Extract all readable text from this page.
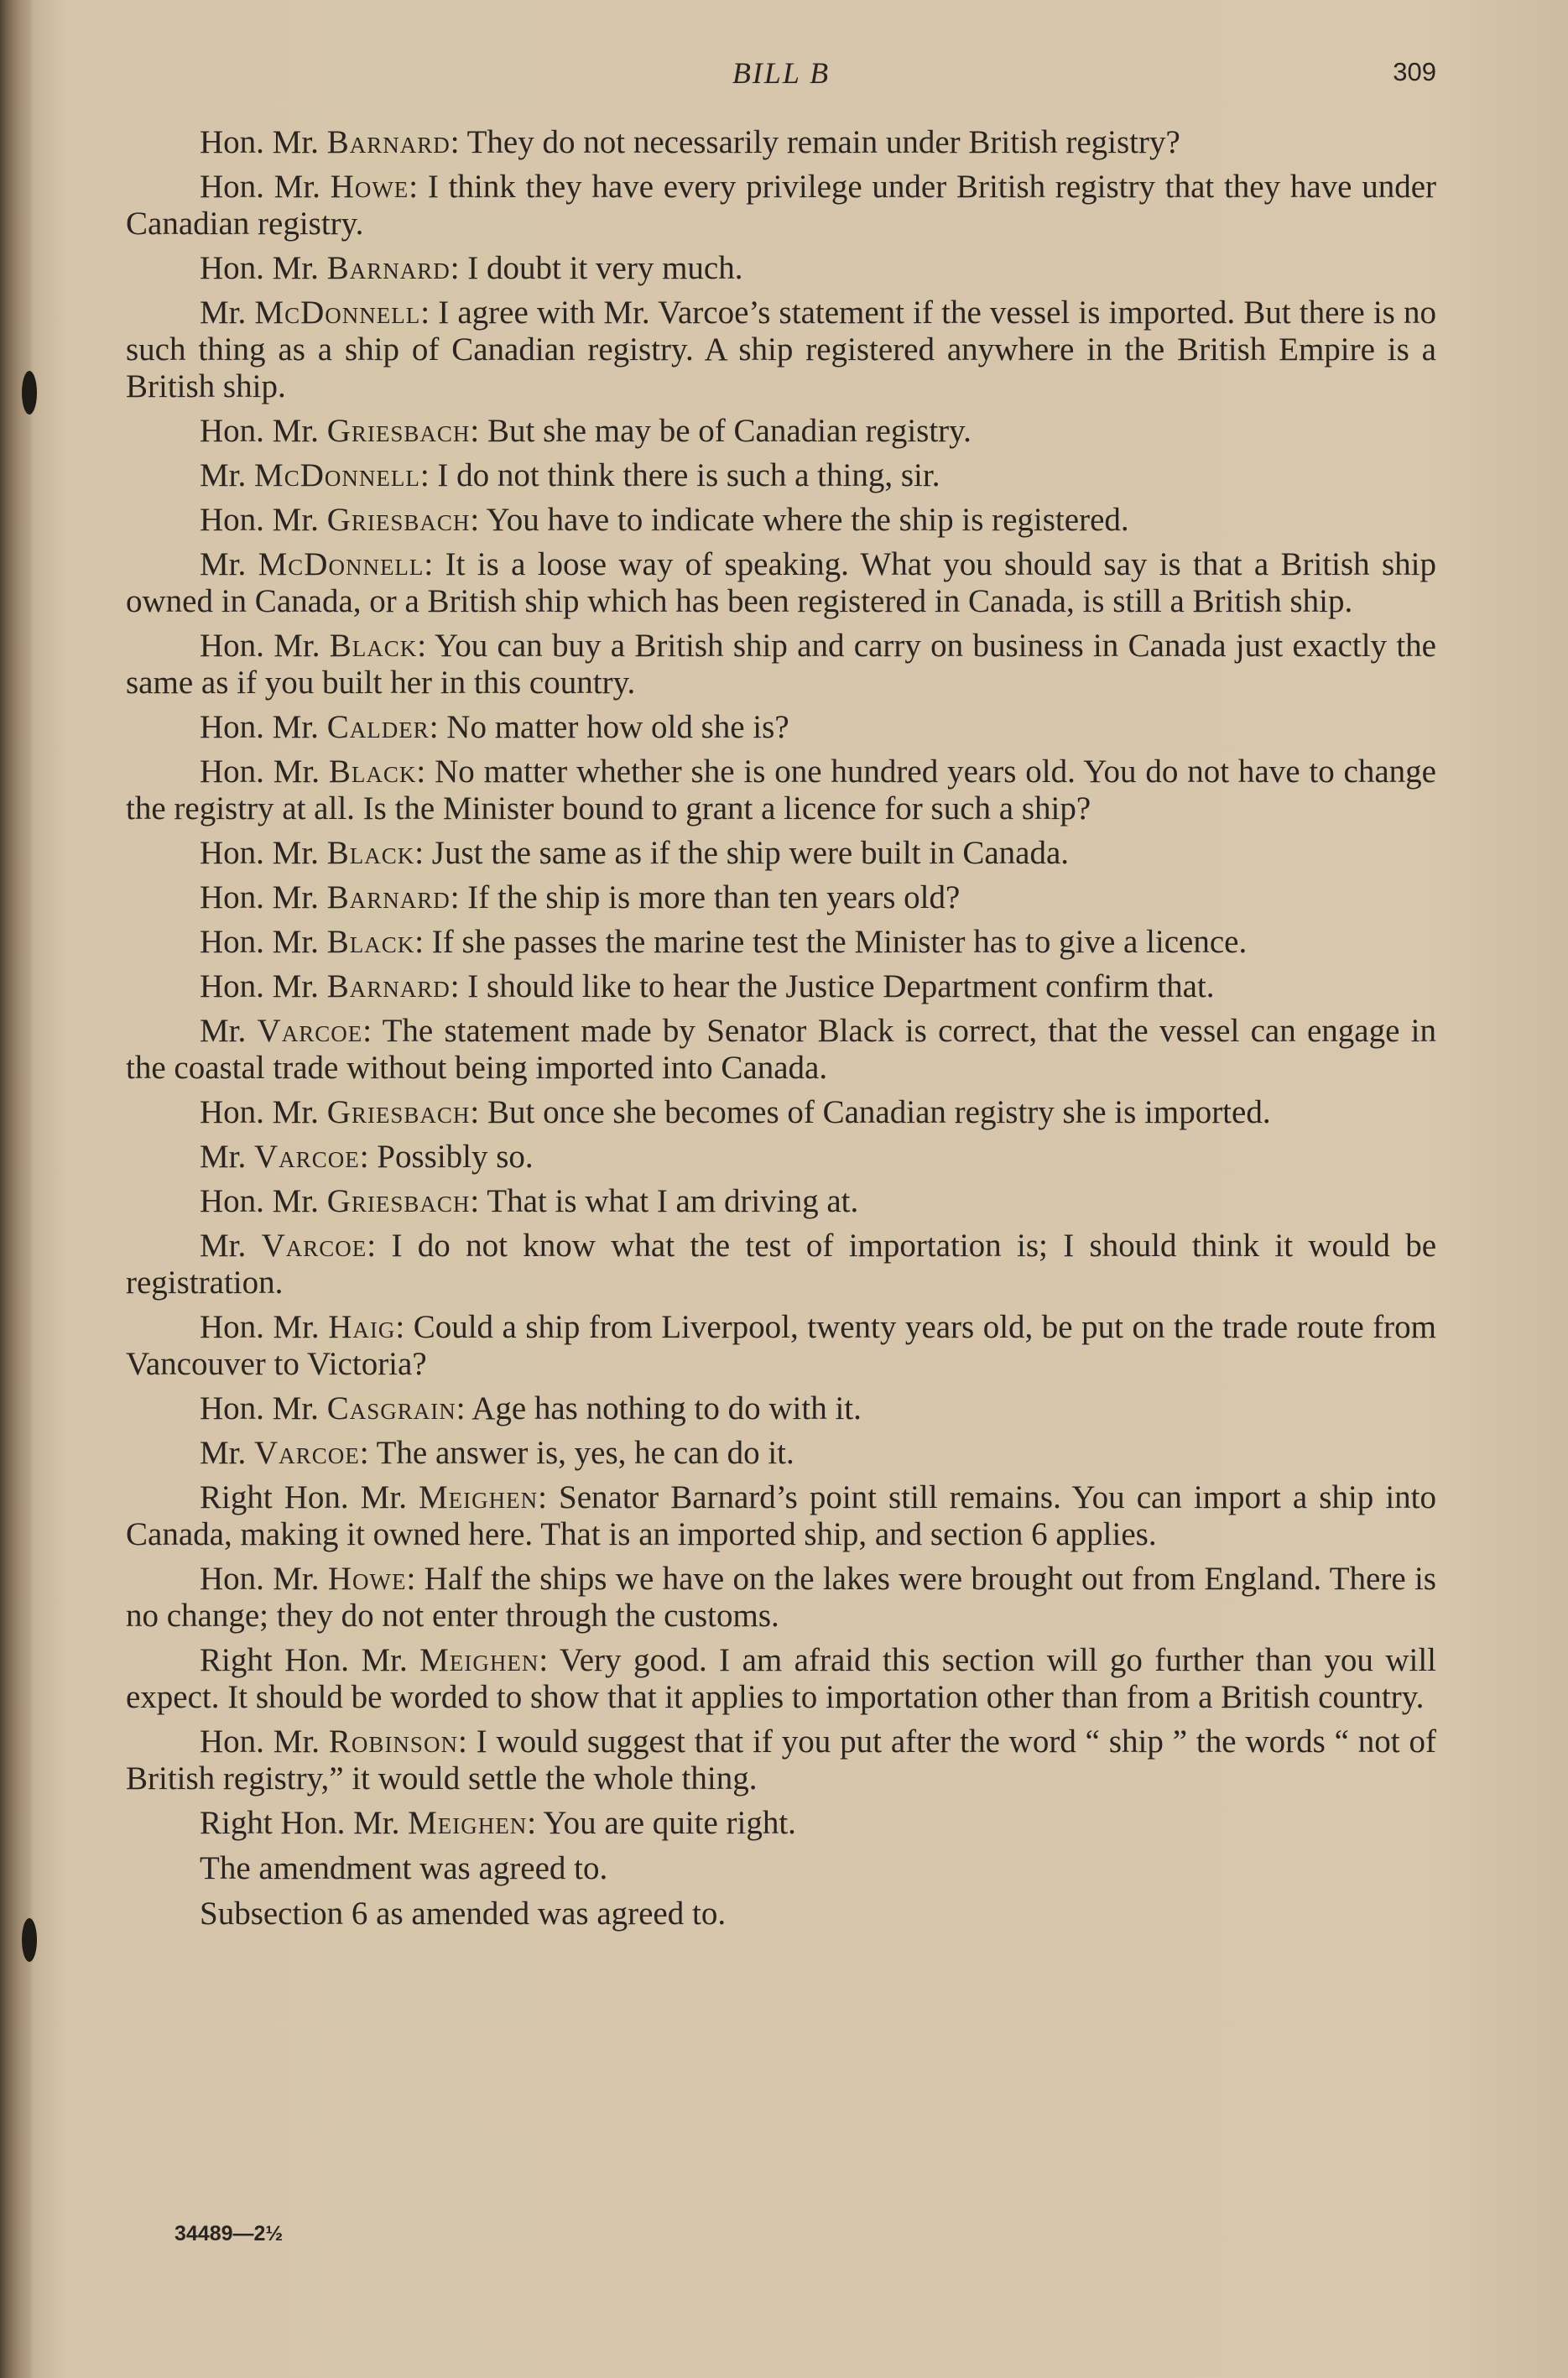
BILL B	309

Hon. Mr. Barnard: They do not necessarily remain under British registry?

Hon. Mr. Howe: I think they have every privilege under British registry that they have under Canadian registry.

Hon. Mr. Barnard: I doubt it very much.

Mr. McDonnell: I agree with Mr. Varcoe’s statement if the vessel is imported. But there is no such thing as a ship of Canadian registry. A ship registered anywhere in the British Empire is a British ship.

Hon. Mr. Griesbach: But she may be of Canadian registry.

Mr. McDonnell: I do not think there is such a thing, sir.

Hon. Mr. Griesbach: You have to indicate where the ship is registered.

Mr. McDonnell: It is a loose way of speaking. What you should say is that a British ship owned in Canada, or a British ship which has been registered in Canada, is still a British ship.

Hon. Mr. Black: You can buy a British ship and carry on business in Canada just exactly the same as if you built her in this country.

Hon. Mr. Calder: No matter how old she is?

Hon. Mr. Black: No matter whether she is one hundred years old. You do not have to change the registry at all. Is the Minister bound to grant a licence for such a ship?

Hon. Mr. Black: Just the same as if the ship were built in Canada.

Hon. Mr. Barnard: If the ship is more than ten years old?

Hon. Mr. Black: If she passes the marine test the Minister has to give a licence.

Hon. Mr. Barnard: I should like to hear the Justice Department confirm that.

Mr. Varcoe: The statement made by Senator Black is correct, that the vessel can engage in the coastal trade without being imported into Canada.

Hon. Mr. Griesbach: But once she becomes of Canadian registry she is imported.

Mr. Varcoe: Possibly so.

Hon. Mr. Griesbach: That is what I am driving at.

Mr. Varcoe: I do not know what the test of importation is; I should think it would be registration.

Hon. Mr. Haig: Could a ship from Liverpool, twenty years old, be put on the trade route from Vancouver to Victoria?

Hon. Mr. Casgrain: Age has nothing to do with it.

Mr. Varcoe: The answer is, yes, he can do it.

Right Hon. Mr. Meighen: Senator Barnard’s point still remains. You can import a ship into Canada, making it owned here. That is an imported ship, and section 6 applies.

Hon. Mr. Howe: Half the ships we have on the lakes were brought out from England. There is no change; they do not enter through the customs.

Right Hon. Mr. Meighen: Very good. I am afraid this section will go further than you will expect. It should be worded to show that it applies to importation other than from a British country.

Hon. Mr. Robinson: I would suggest that if you put after the word “ ship ” the words “ not of British registry,” it would settle the whole thing.

Right Hon. Mr. Meighen: You are quite right.

The amendment was agreed to.

Subsection 6 as amended was agreed to.

34489—2½
